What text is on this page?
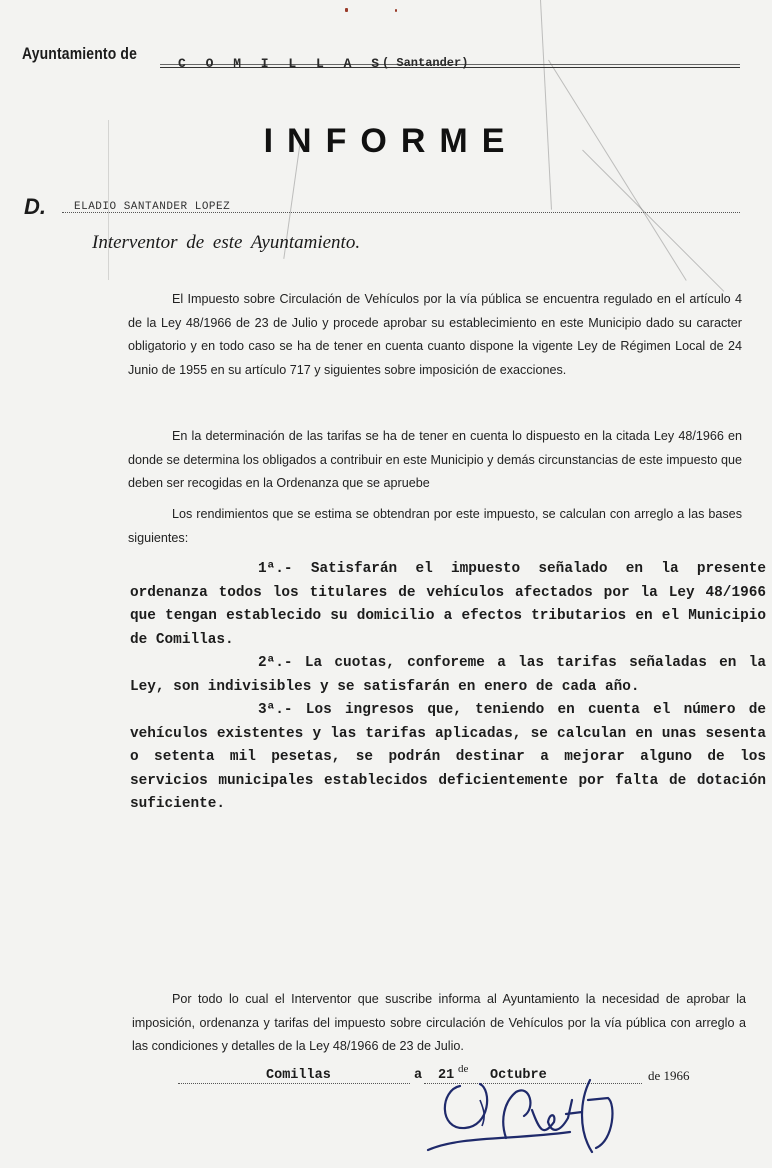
Ayuntamiento de
C O M I L L A S
( Santander)
INFORME
D.	ELADIO SANTANDER LOPEZ
Interventor de este Ayuntamiento.

El Impuesto sobre Circulación de Vehículos por la vía pública se encuentra regulado en el artículo 4 de la Ley 48/1966 de 23 de Julio y procede aprobar su establecimiento en este Municipio dado su caracter obligatorio y en todo caso se ha de tener en cuenta cuanto dispone la vigente Ley de Régimen Local de 24 Junio de 1955 en su artículo 717 y siguientes sobre imposición de exacciones.

En la determinación de las tarifas se ha de tener en cuenta lo dispuesto en la citada Ley 48/1966 en donde se determina los obligados a contribuir en este Municipio y demás circunstancias de este impuesto que deben ser recogidas en la Ordenanza que se apruebe

Los rendimientos que se estima se obtendran por este impuesto, se calculan con arreglo a las bases siguientes:

1ª.- Satisfarán el impuesto señalado en la presente ordenanza todos los titulares de vehículos afectados por la Ley 48/1966 que tengan establecido su domicilio a efectos tributarios en el Municipio de Comillas.

2ª.- La cuotas, conforeme a las tarifas señaladas en la Ley, son indivisibles y se satisfarán en enero de cada año.

3ª.- Los ingresos que, teniendo en cuenta el número de vehículos existentes y las tarifas aplicadas, se calculan en unas sesenta o setenta mil pesetas, se podrán destinar a mejorar alguno de los servicios municipales establecidos deficientemente por falta de dotación suficiente.

Por todo lo cual el Interventor que suscribe informa al Ayuntamiento la necesidad de aprobar la imposición, ordenanza y tarifas del impuesto sobre circulación de Vehículos por la vía pública con arreglo a las condiciones y detalles de la Ley 48/1966 de 23 de Julio.

Comillas	a 21 de Octubre	de 1966
